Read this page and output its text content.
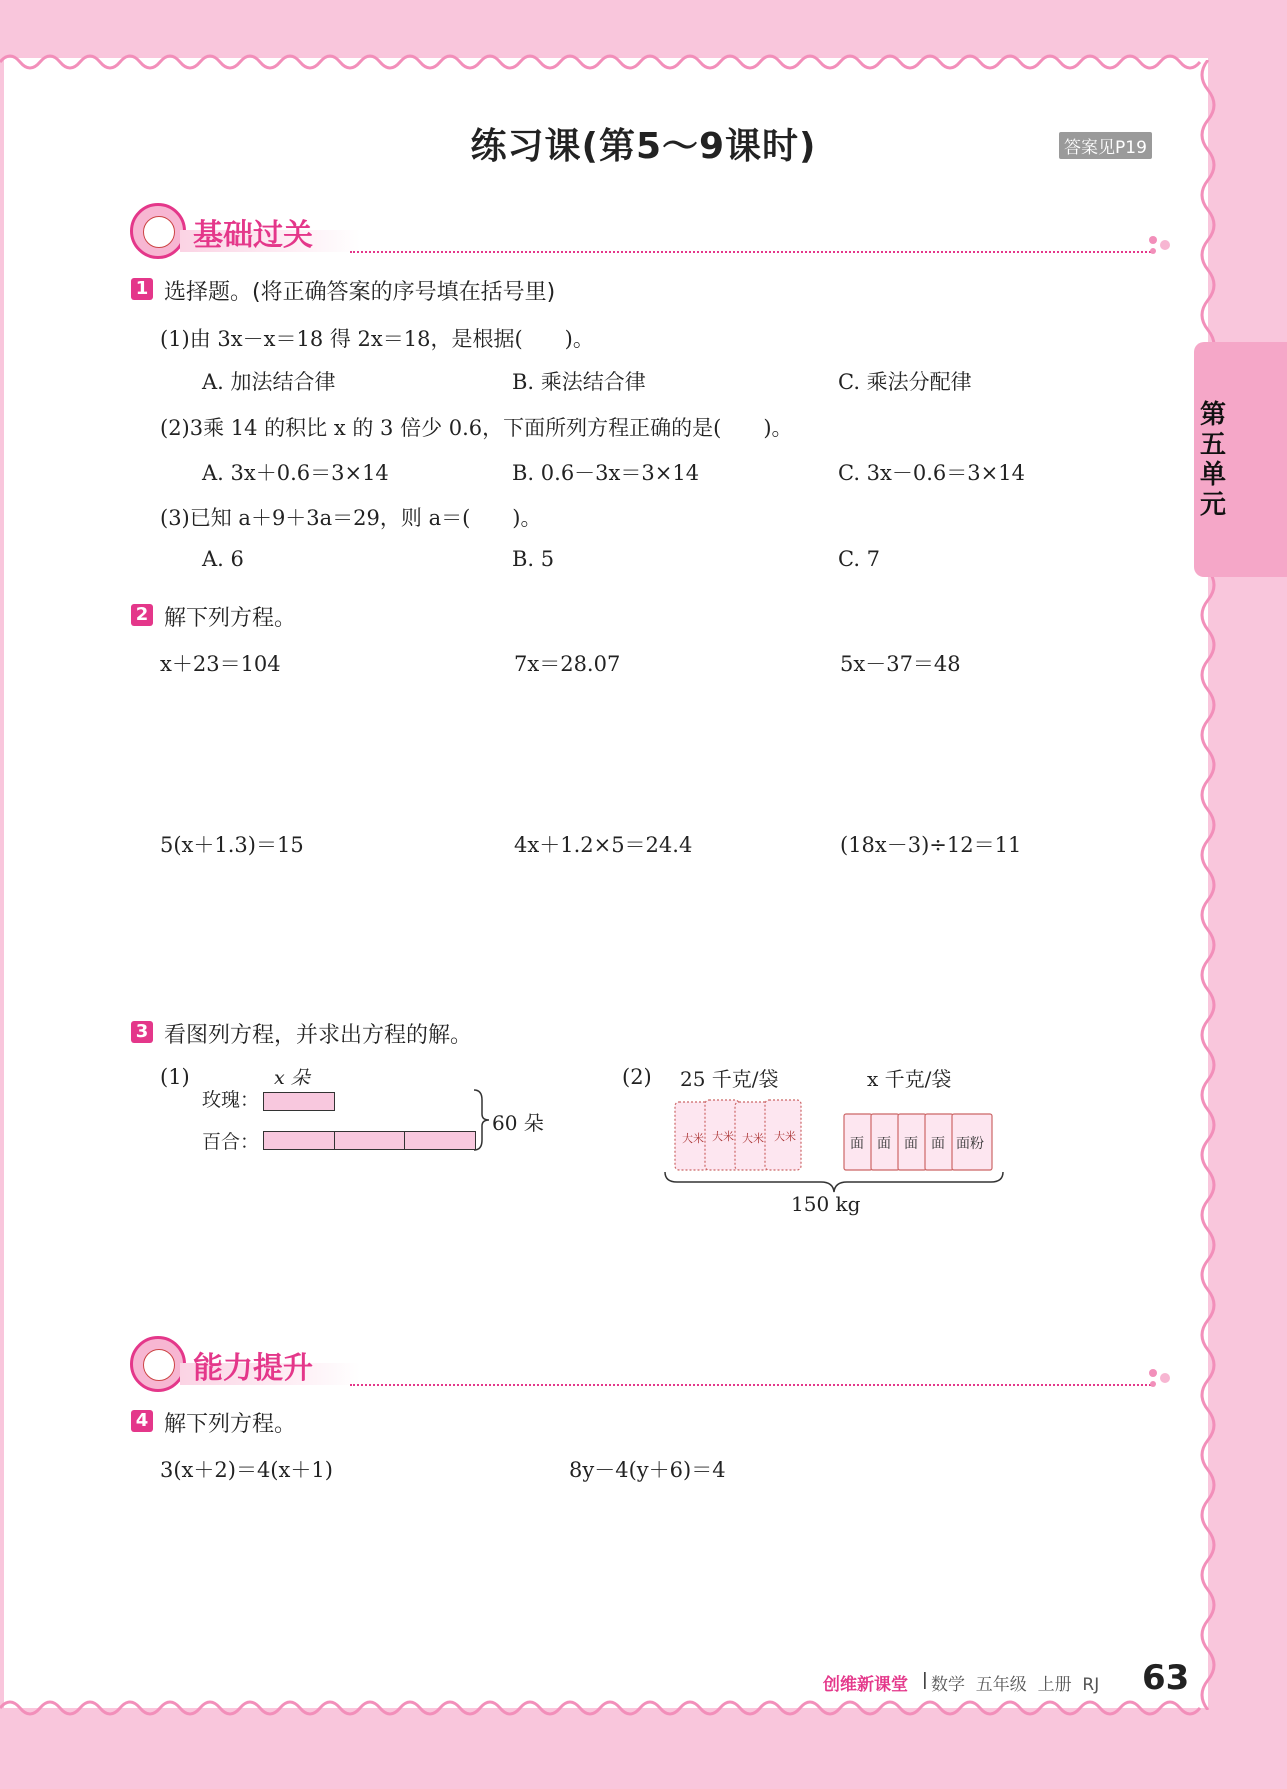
练习课(第5～9课时)	答案见P19
第五单元
基础过关
1 选择题。(将正确答案的序号填在括号里)
(1)由 3x－x＝18 得 2x＝18，是根据(　　)。
A. 加法结合律	B. 乘法结合律	C. 乘法分配律
(2)3乘 14 的积比 x 的 3 倍少 0.6，下面所列方程正确的是(　　)。
A. 3x＋0.6＝3×14	B. 0.6－3x＝3×14	C. 3x－0.6＝3×14
(3)已知 a＋9＋3a＝29，则 a＝(　　)。
A. 6	B. 5	C. 7
2 解下列方程。
x＋23＝104	7x＝28.07	5x－37＝48
5(x＋1.3)＝15	4x＋1.2×5＝24.4	(18x－3)÷12＝11
3 看图列方程，并求出方程的解。
(1)	x 朵
玫瑰：
百合：
60 朵
(2) 25 千克/袋	x 千克/袋
大米 大米 大米 大米	面 面 面 面 面粉
150 kg
能力提升
4 解下列方程。
3(x＋2)＝4(x＋1)	8y－4(y＋6)＝4
创维新课堂 | 数学  五年级  上册  RJ 63
